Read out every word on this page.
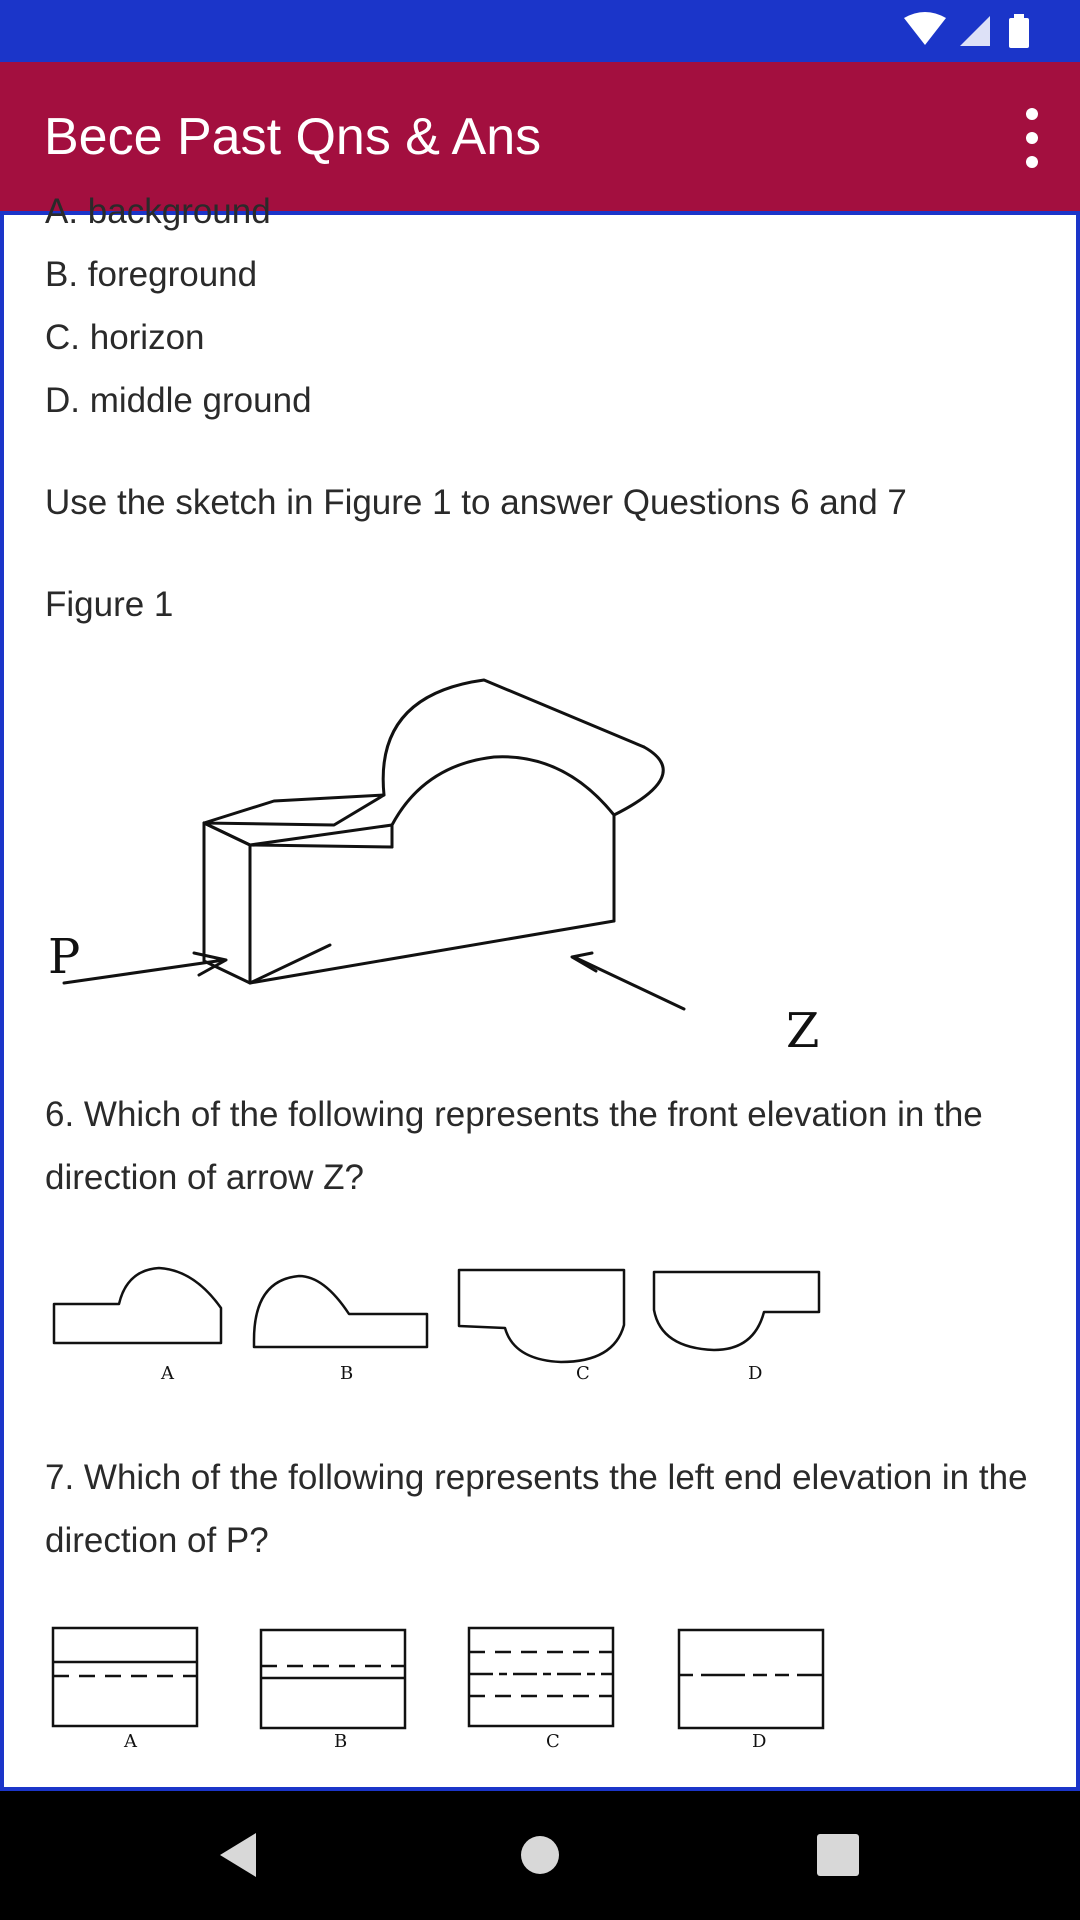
Bece Past Qns & Ans
A. background
B. foreground
C. horizon
D. middle ground
Use the sketch in Figure 1 to answer Questions 6 and 7
Figure 1
P
Z
6. Which of the following represents the front elevation in the direction of arrow Z?
A	B	C	D
7. Which of the following represents the left end elevation in the direction of P?
A	B	C	D
